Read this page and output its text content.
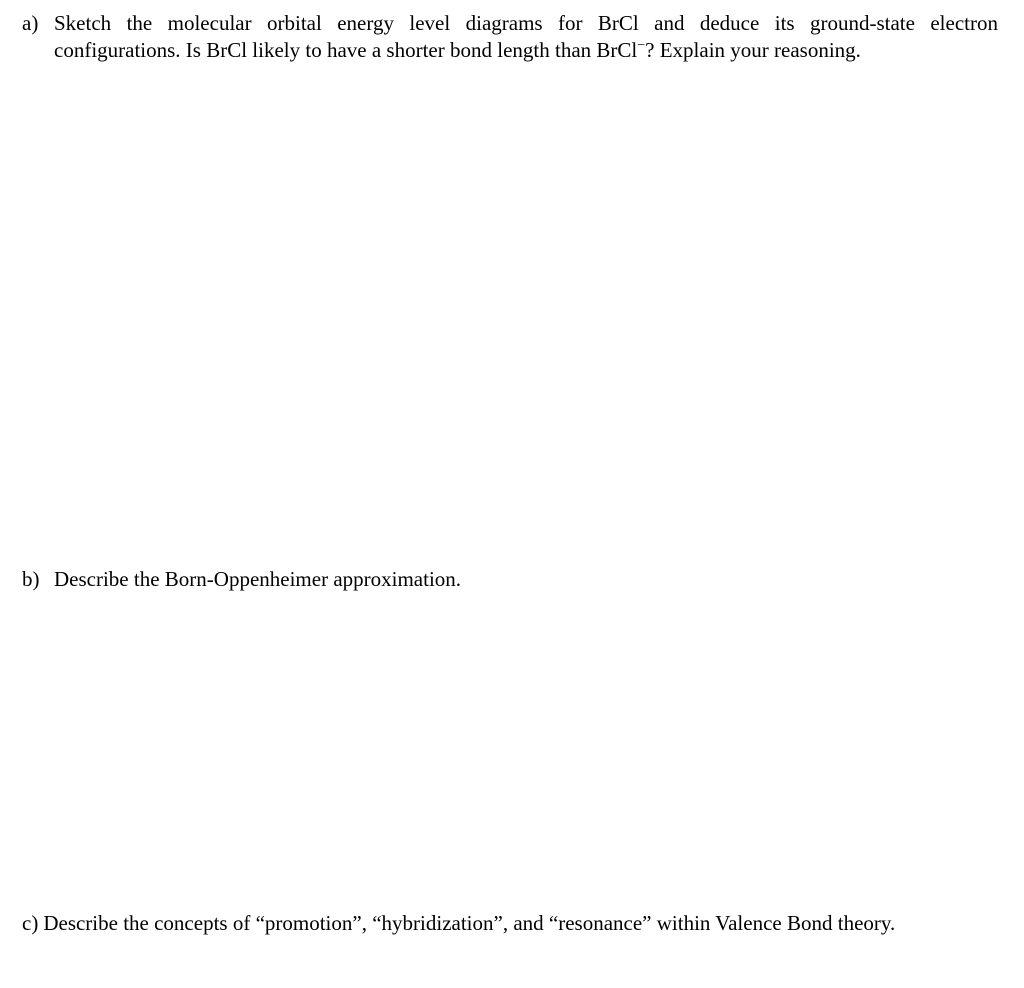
a) Sketch the molecular orbital energy level diagrams for BrCl and deduce its ground-state electron
configurations. Is BrCl likely to have a shorter bond length than BrCl−? Explain your reasoning.
b) Describe the Born-Oppenheimer approximation.
c) Describe the concepts of “promotion”, “hybridization”, and “resonance” within Valence Bond theory.
